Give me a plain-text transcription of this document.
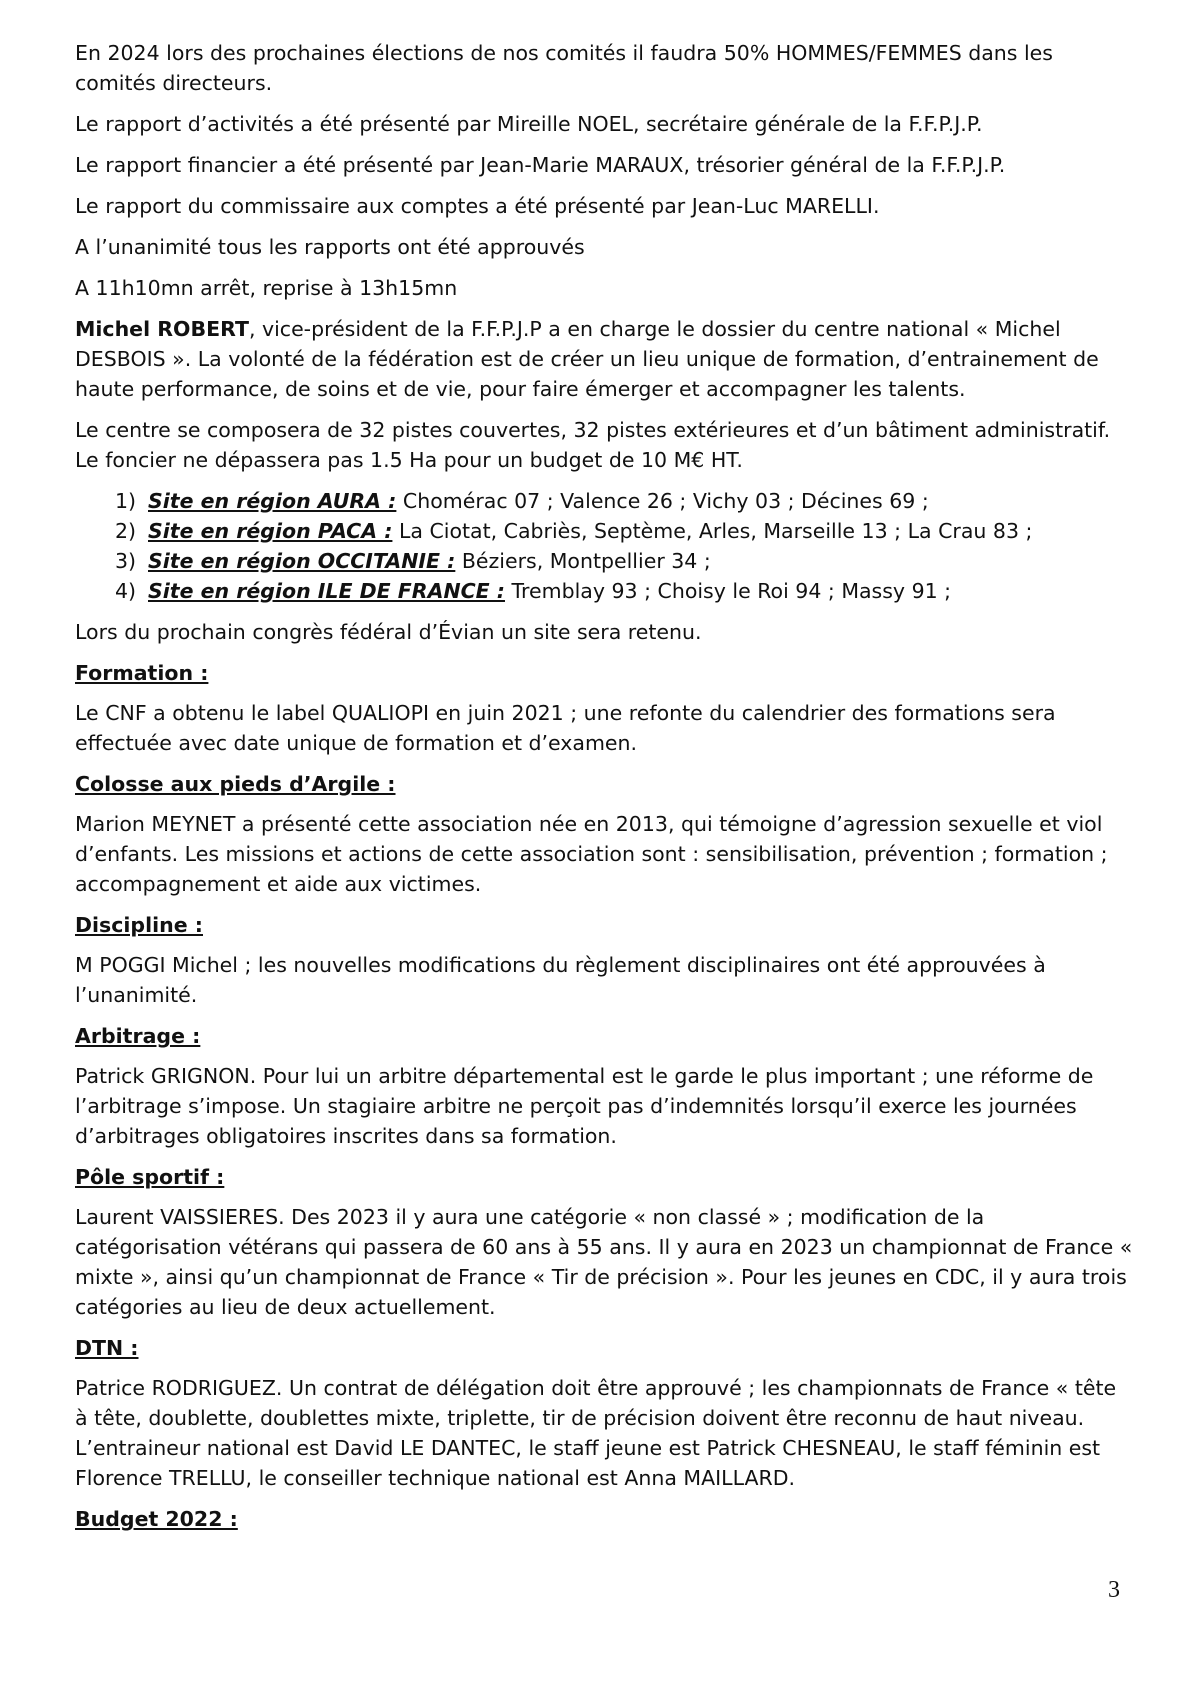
En 2024 lors des prochaines élections de nos comités il faudra 50% HOMMES/FEMMES dans les comités directeurs.

Le rapport d’activités a été présenté par Mireille NOEL, secrétaire générale de la F.F.P.J.P.

Le rapport financier a été présenté par Jean-Marie MARAUX, trésorier général de la F.F.P.J.P.

Le rapport du commissaire aux comptes a été présenté par Jean-Luc MARELLI.

A l’unanimité tous les rapports ont été approuvés

A 11h10mn arrêt, reprise à 13h15mn

Michel ROBERT, vice-président de la F.F.P.J.P a en charge le dossier du centre national « Michel DESBOIS ». La volonté de la fédération est de créer un lieu unique de formation, d’entrainement de haute performance, de soins et de vie, pour faire émerger et accompagner les talents.

Le centre se composera de 32 pistes couvertes, 32 pistes extérieures et d’un bâtiment administratif. Le foncier ne dépassera pas 1.5 Ha pour un budget de 10 M€ HT.

1) Site en région AURA : Chomérac 07 ; Valence 26 ; Vichy 03 ; Décines 69 ;
2) Site en région PACA : La Ciotat, Cabriès, Septème, Arles, Marseille 13 ; La Crau 83 ;
3) Site en région OCCITANIE : Béziers, Montpellier 34 ;
4) Site en région ILE DE FRANCE : Tremblay 93 ; Choisy le Roi 94 ; Massy 91 ;

Lors du prochain congrès fédéral d’Évian un site sera retenu.

Formation :

Le CNF a obtenu le label QUALIOPI en juin 2021 ; une refonte du calendrier des formations sera effectuée avec date unique de formation et d’examen.

Colosse aux pieds d’Argile :

Marion MEYNET a présenté cette association née en 2013, qui témoigne d’agression sexuelle et viol d’enfants. Les missions et actions de cette association sont : sensibilisation, prévention ; formation ; accompagnement et aide aux victimes.

Discipline :

M POGGI Michel ; les nouvelles modifications du règlement disciplinaires ont été approuvées à l’unanimité.

Arbitrage :

Patrick GRIGNON. Pour lui un arbitre départemental est le garde le plus important ; une réforme de l’arbitrage s’impose. Un stagiaire arbitre ne perçoit pas d’indemnités lorsqu’il exerce les journées d’arbitrages obligatoires inscrites dans sa formation.

Pôle sportif :

Laurent VAISSIERES. Des 2023 il y aura une catégorie « non classé » ; modification de la catégorisation vétérans qui passera de 60 ans à 55 ans. Il y aura en 2023 un championnat de France « mixte », ainsi qu’un championnat de France « Tir de précision ». Pour les jeunes en CDC, il y aura trois catégories au lieu de deux actuellement.

DTN :

Patrice RODRIGUEZ. Un contrat de délégation doit être approuvé ; les championnats de France « tête à tête, doublette, doublettes mixte, triplette, tir de précision doivent être reconnu de haut niveau. L’entraineur national est David LE DANTEC, le staff jeune est Patrick CHESNEAU, le staff féminin est Florence TRELLU, le conseiller technique national est Anna MAILLARD.

Budget 2022 :

3
